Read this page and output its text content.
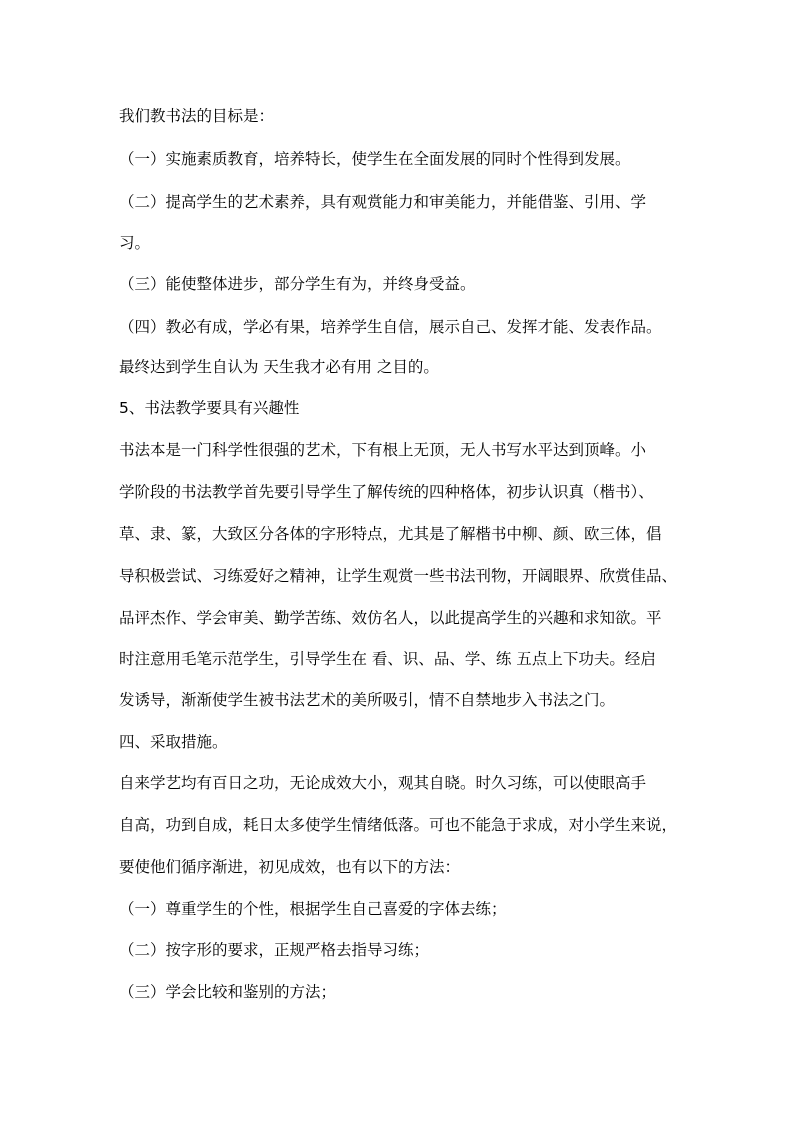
我们教书法的目标是：
（一）实施素质教育，培养特长，使学生在全面发展的同时个性得到发展。
（二）提高学生的艺术素养，具有观赏能力和审美能力，并能借鉴、引用、学
习。
（三）能使整体进步，部分学生有为，并终身受益。
（四）教必有成，学必有果，培养学生自信，展示自己、发挥才能、发表作品。
最终达到学生自认为 天生我才必有用 之目的。
5、书法教学要具有兴趣性
书法本是一门科学性很强的艺术，下有根上无顶，无人书写水平达到顶峰。小
学阶段的书法教学首先要引导学生了解传统的四种格体，初步认识真（楷书）、
草、隶、篆，大致区分各体的字形特点，尤其是了解楷书中柳、颜、欧三体，倡
导积极尝试、习练爱好之精神，让学生观赏一些书法刊物，开阔眼界、欣赏佳品、
品评杰作、学会审美、勤学苦练、效仿名人，以此提高学生的兴趣和求知欲。平
时注意用毛笔示范学生，引导学生在 看、识、品、学、练 五点上下功夫。经启
发诱导，渐渐使学生被书法艺术的美所吸引，情不自禁地步入书法之门。
四、采取措施。
自来学艺均有百日之功，无论成效大小，观其自晓。时久习练，可以使眼高手
自高，功到自成，耗日太多使学生情绪低落。可也不能急于求成，对小学生来说，
要使他们循序渐进，初见成效，也有以下的方法：
（一）尊重学生的个性，根据学生自己喜爱的字体去练；
（二）按字形的要求，正规严格去指导习练；
（三）学会比较和鉴别的方法；
